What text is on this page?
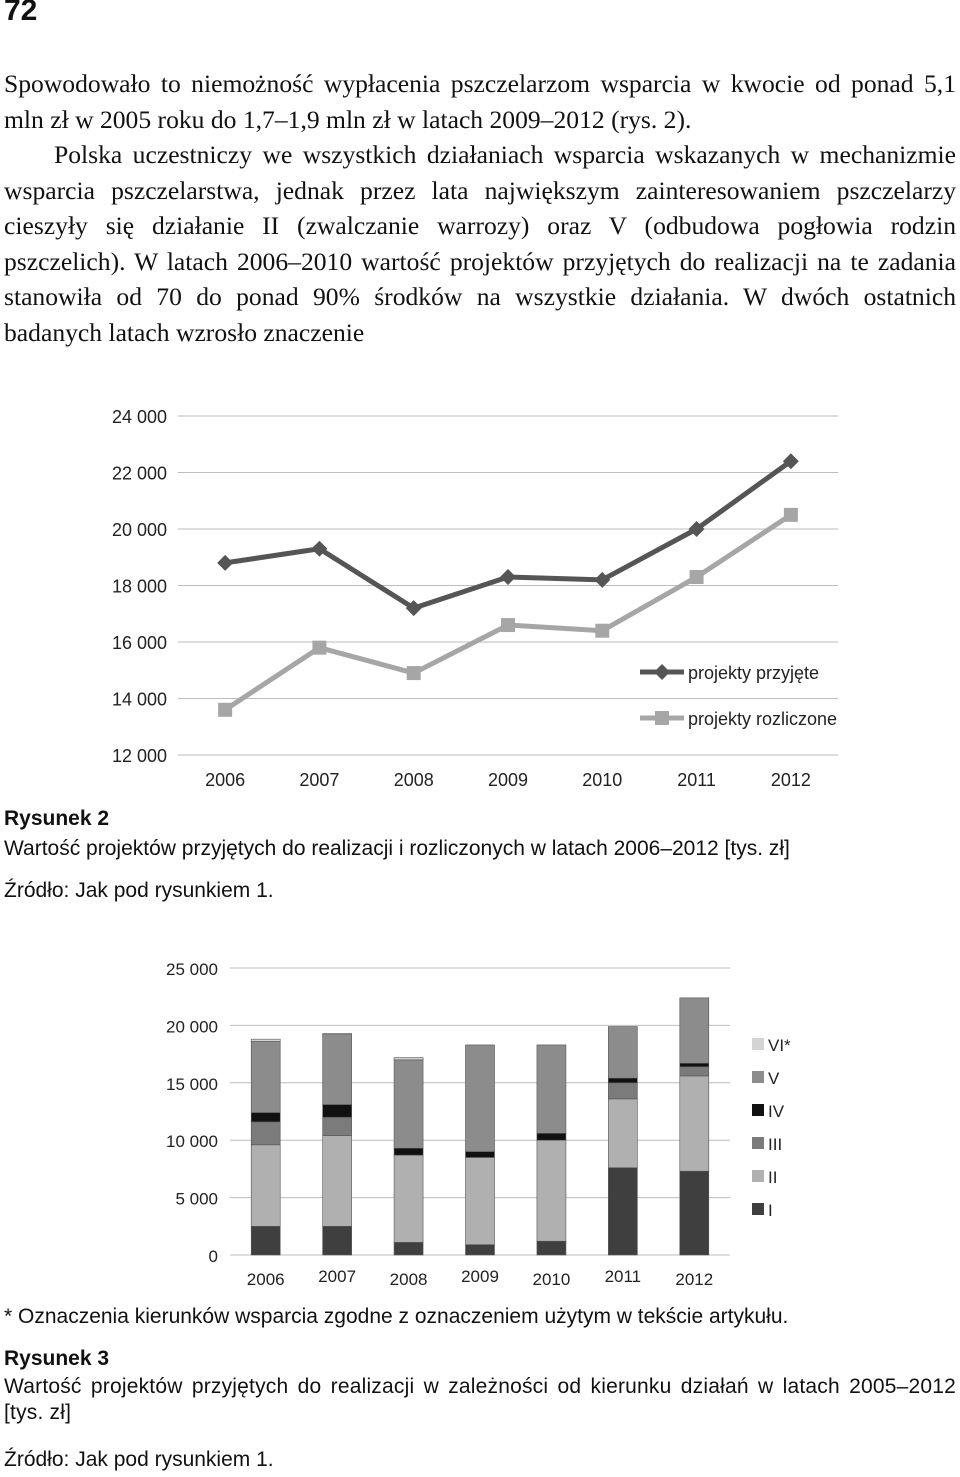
72

Spowodowało to niemożność wypłacenia pszczelarzom wsparcia w kwocie od ponad 5,1 mln zł w 2005 roku do 1,7–1,9 mln zł w latach 2009–2012 (rys. 2).

Polska uczestniczy we wszystkich działaniach wsparcia wskazanych w mechanizmie wsparcia pszczelarstwa, jednak przez lata największym zainteresowaniem pszczelarzy cieszyły się działanie II (zwalczanie warrozy) oraz V (odbudowa pogłowia rodzin pszczelich). W latach 2006–2010 wartość projektów przyjętych do realizacji na te zadania stanowiła od 70 do ponad 90% środków na wszystkie działania. W dwóch ostatnich badanych latach wzrosło znaczenie

12 000
14 000
16 000
18 000
20 000
22 000
24 000
2006	2007	2008	2009	2010	2011	2012
projekty przyjęte
projekty rozliczone

Rysunek 2

Wartość projektów przyjętych do realizacji i rozliczonych w latach 2006–2012 [tys. zł]

Źródło: Jak pod rysunkiem 1.

0
5 000
10 000
15 000
20 000
25 000
2006 2007 2008 2009 2010 2011 2012
VI*
V
IV
III
II
I

* Oznaczenia kierunków wsparcia zgodne z oznaczeniem użytym w tekście artykułu.

Rysunek 3

Wartość projektów przyjętych do realizacji w zależności od kierunku działań w latach 2005–2012 [tys. zł]

Źródło: Jak pod rysunkiem 1.
